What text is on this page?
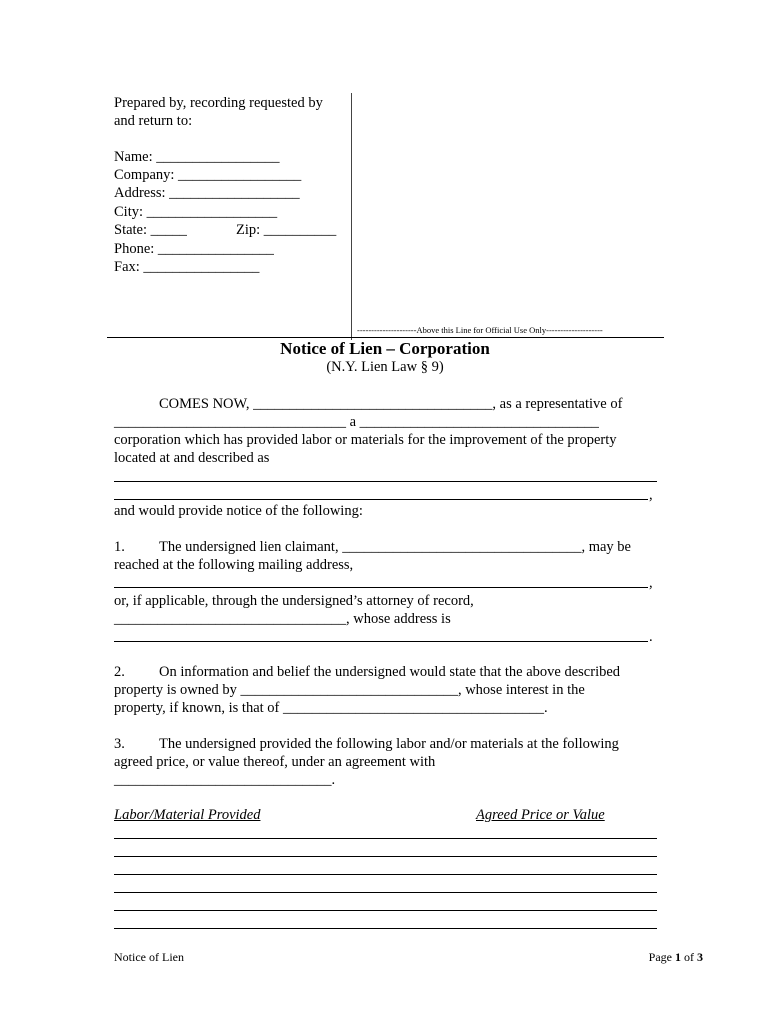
Prepared by, recording requested by
and return to:
Name: _________________
Company: _________________
Address: __________________
City: __________________
State: _____	Zip: __________
Phone: ________________
Fax: ________________
---------------------Above this Line for Official Use Only--------------------
Notice of Lien – Corporation
(N.Y. Lien Law § 9)
COMES NOW, _________________________________, as a representative of
________________________________ a _________________________________
corporation which has provided labor or materials for the improvement of the property
located at and described as
,
and would provide notice of the following:
1. The undersigned lien claimant, _________________________________, may be
reached at the following mailing address,
,
or, if applicable, through the undersigned’s attorney of record,
________________________________, whose address is
.
2. On information and belief the undersigned would state that the above described
property is owned by ______________________________, whose interest in the
property, if known, is that of ____________________________________.
3. The undersigned provided the following labor and/or materials at the following
agreed price, or value thereof, under an agreement with
______________________________.
Labor/Material Provided	Agreed Price or Value
Notice of Lien	Page 1 of 3
